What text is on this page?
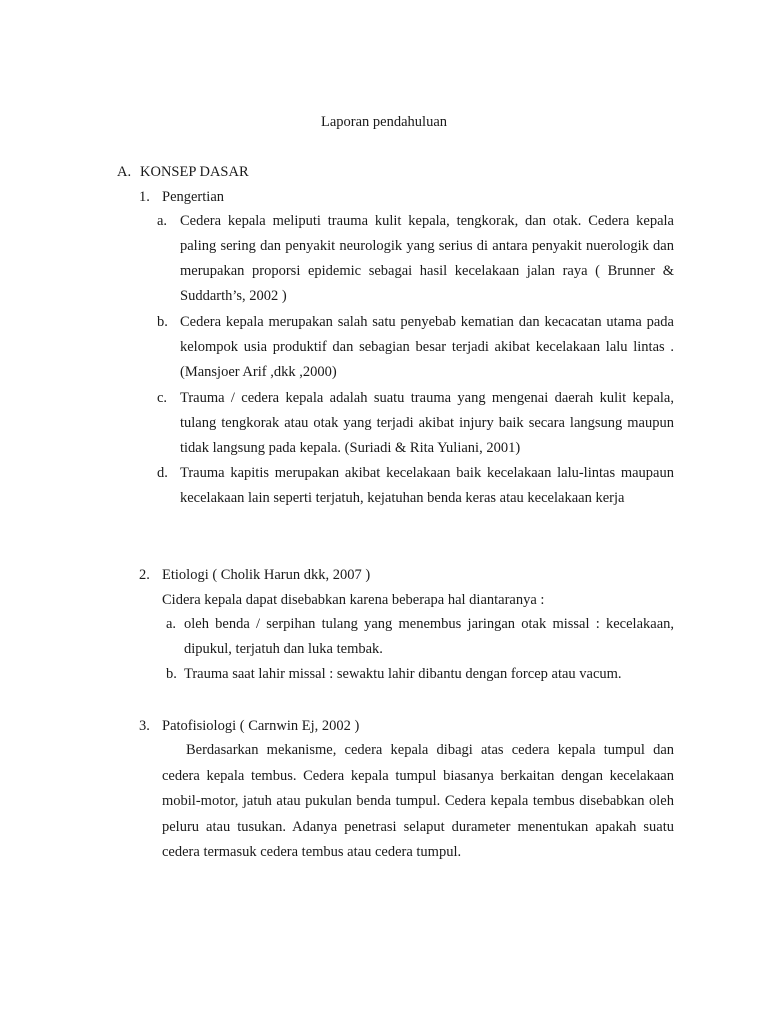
Laporan pendahuluan
A. KONSEP DASAR
1. Pengertian
a. Cedera kepala meliputi trauma kulit kepala, tengkorak, dan otak. Cedera kepala paling sering dan penyakit neurologik yang serius di antara penyakit nuerologik dan merupakan proporsi epidemic sebagai hasil kecelakaan jalan raya ( Brunner & Suddarth’s, 2002 )
b. Cedera kepala merupakan salah satu penyebab kematian dan kecacatan utama pada kelompok usia produktif dan sebagian besar terjadi akibat kecelakaan lalu lintas .(Mansjoer Arif ,dkk ,2000)
c. Trauma / cedera kepala adalah suatu trauma yang mengenai daerah kulit kepala, tulang tengkorak atau otak yang terjadi akibat injury baik secara langsung maupun tidak langsung pada kepala. (Suriadi & Rita Yuliani, 2001)
d. Trauma kapitis merupakan akibat kecelakaan baik kecelakaan lalu-lintas maupaun kecelakaan lain seperti terjatuh, kejatuhan benda keras atau kecelakaan kerja
2. Etiologi ( Cholik Harun dkk, 2007 )
Cidera kepala dapat disebabkan karena beberapa hal diantaranya :
a. oleh benda / serpihan tulang yang menembus jaringan otak missal : kecelakaan, dipukul, terjatuh dan luka tembak.
b. Trauma saat lahir missal : sewaktu lahir dibantu dengan forcep atau vacum.
3. Patofisiologi ( Carnwin Ej, 2002 )
Berdasarkan mekanisme, cedera kepala dibagi atas cedera kepala tumpul dan cedera kepala tembus. Cedera kepala tumpul biasanya berkaitan dengan kecelakaan mobil-motor, jatuh atau pukulan benda tumpul. Cedera kepala tembus disebabkan oleh peluru atau tusukan. Adanya penetrasi selaput durameter menentukan apakah suatu cedera termasuk cedera tembus atau cedera tumpul.
